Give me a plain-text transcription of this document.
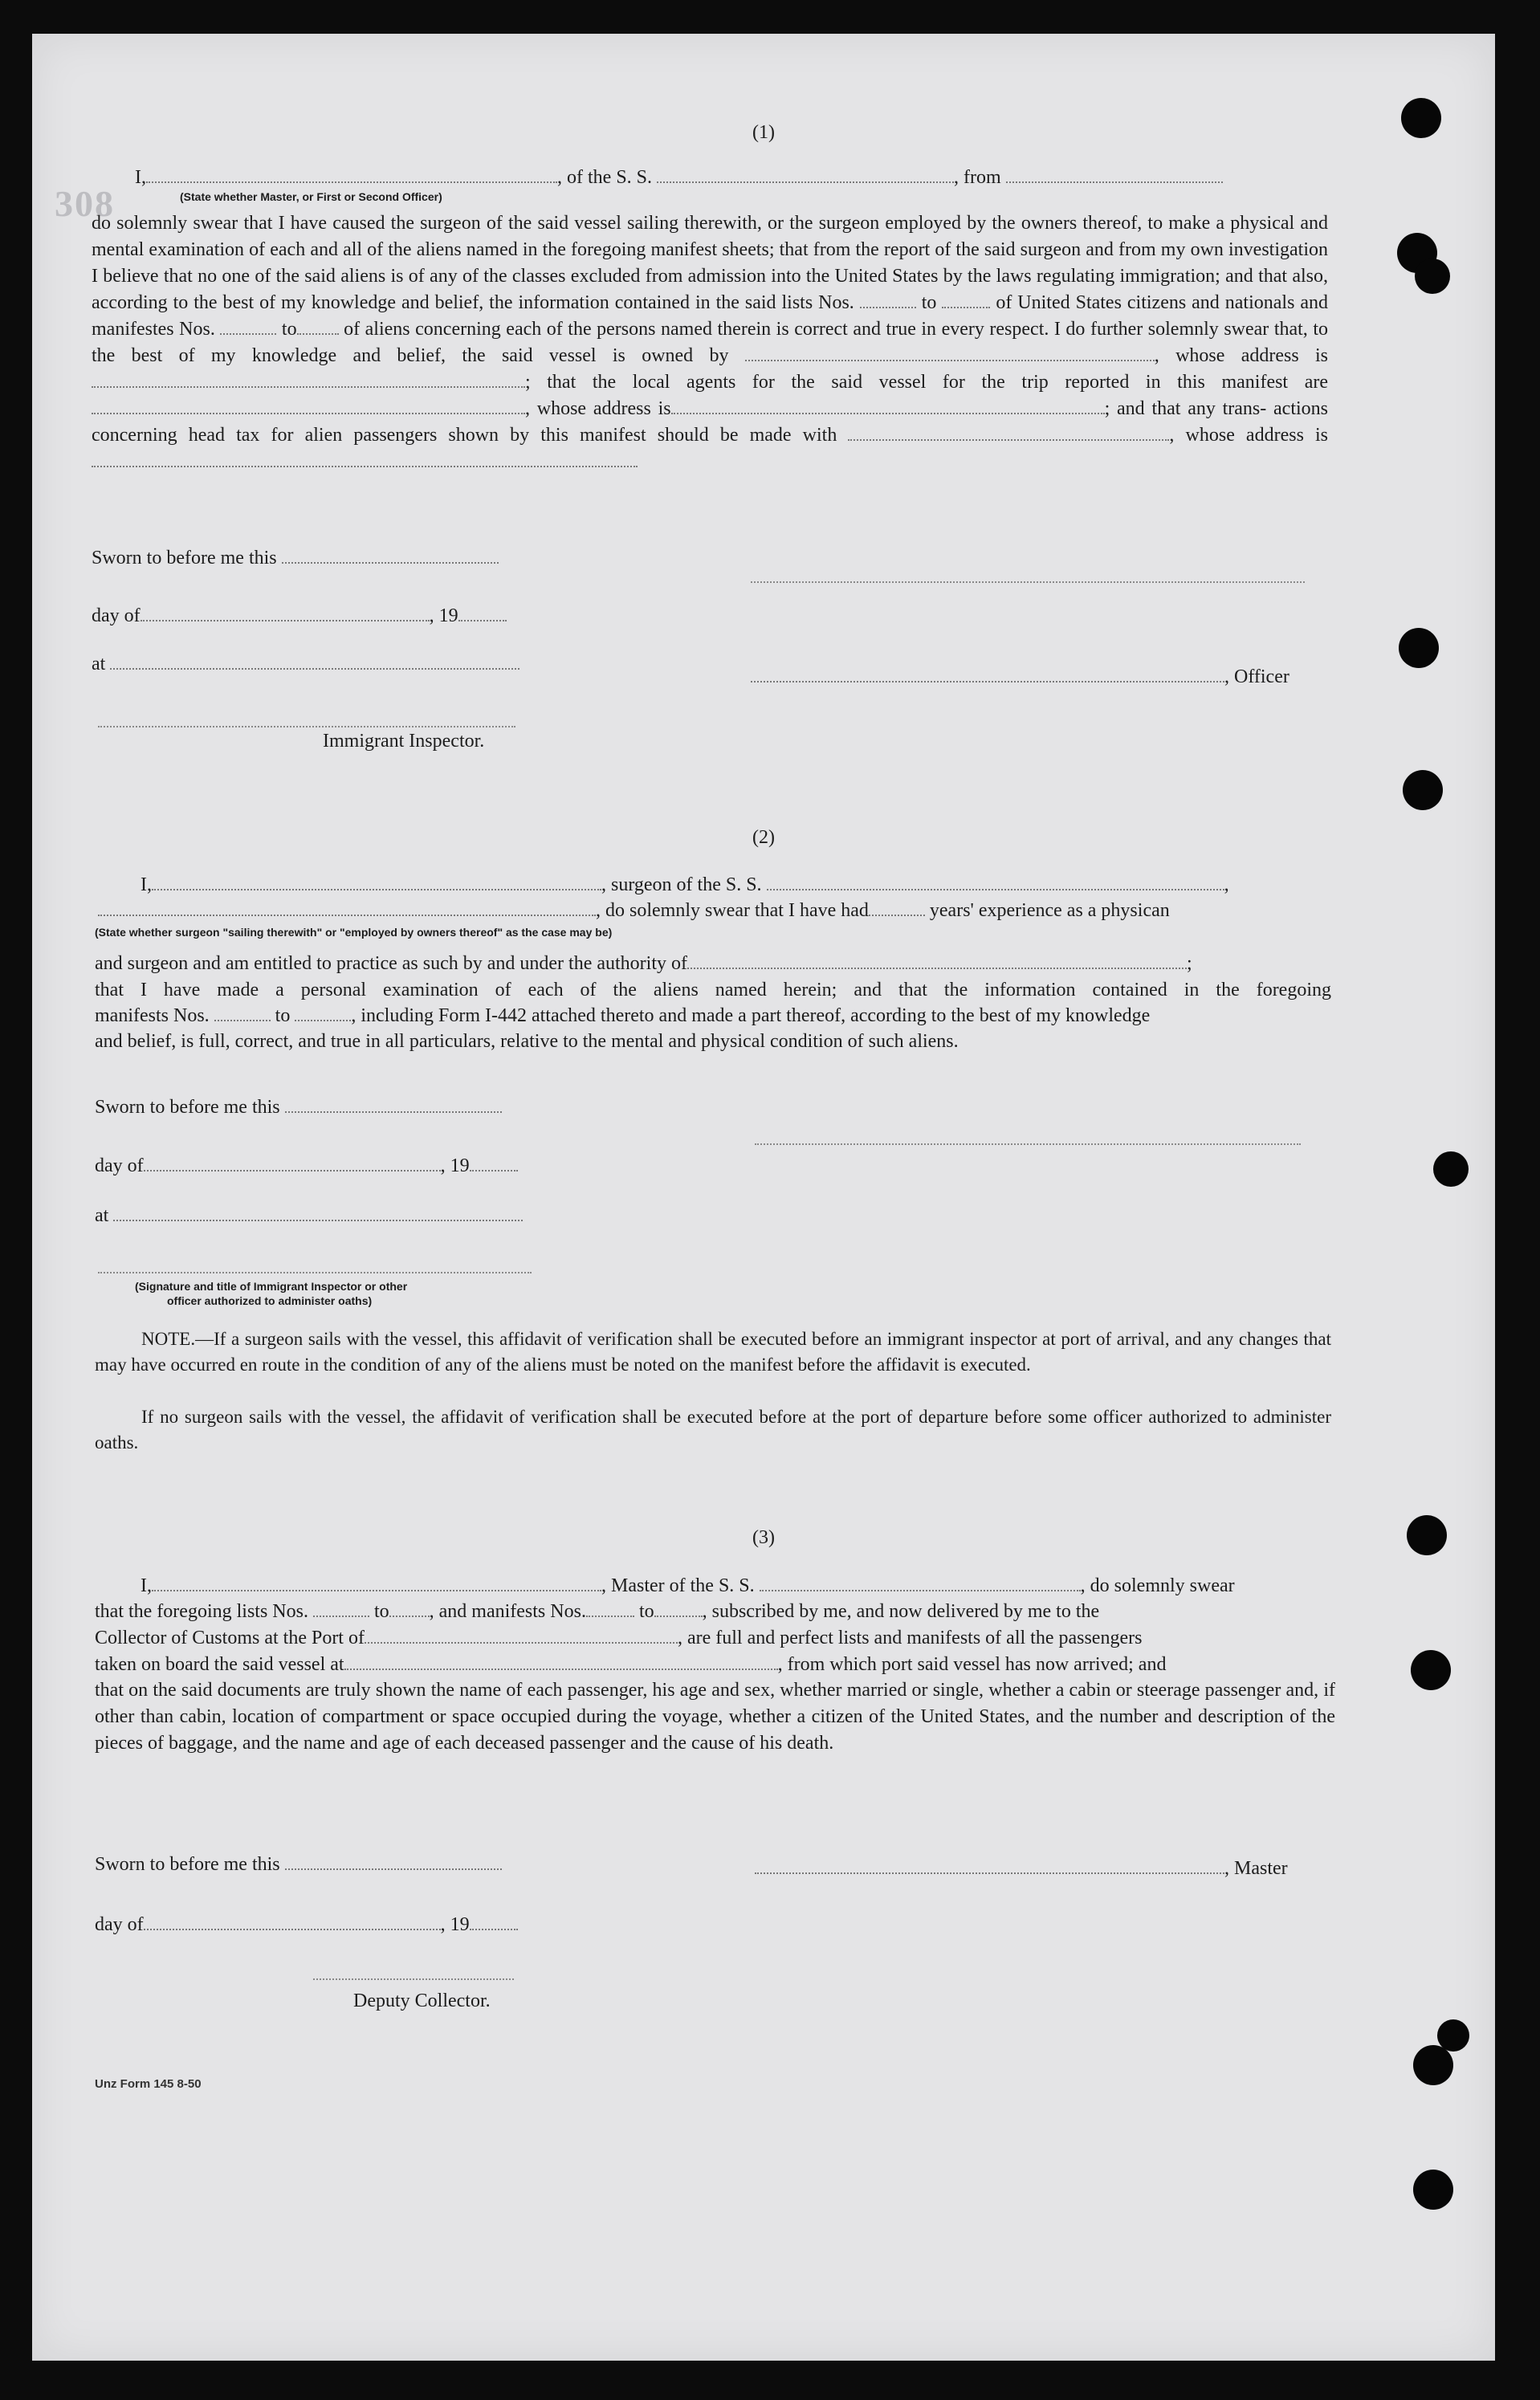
308
(1)
I,	, of the S. S.	, from
(State whether Master, or First or Second Officer)
do solemnly swear that I have caused the surgeon of the said vessel sailing therewith, or the surgeon employed by the owners thereof, to make a physical and mental examination of each and all of the aliens named in the foregoing manifest sheets; that from the report of the said surgeon and from my own investigation I believe that no one of the said aliens is of any of the classes excluded from admission into the United States by the laws regulating immigration; and that also, according to the best of my knowledge and belief, the information contained in the said lists Nos.	to	of United States citizens and nationals and manifestes Nos.	to of aliens concerning each of the persons named therein is correct and true in every respect. I do further solemnly swear that, to the best of my knowledge and belief, the said vessel is owned by	, whose address is ; that the local agents for the said vessel for the trip reported in this manifest are , whose address is	; and that any trans- actions concerning head tax for alien passengers shown by this manifest should be made with	, whose address is
Sworn to before me this
day of	, 19
at
, Officer
Immigrant Inspector.
(2)
I,	, surgeon of the S. S.	,
, do solemnly swear that I have had	years' experience as a physican
(State whether surgeon "sailing therewith" or "employed by owners thereof" as the case may be)
and surgeon and am entitled to practice as such by and under the authority of	;
that I have made a personal examination of each of the aliens named herein; and that the information contained in the foregoing
manifests Nos.	to	, including Form I-442 attached thereto and made a part thereof, according to the best of my knowledge
and belief, is full, correct, and true in all particulars, relative to the mental and physical condition of such aliens.
Sworn to before me this
day of	, 19
at
(Signature and title of Immigrant Inspector or other
officer authorized to administer oaths)
NOTE.—If a surgeon sails with the vessel, this affidavit of verification shall be executed before an immigrant inspector at port of arrival, and any changes that may have occurred en route in the condition of any of the aliens must be noted on the manifest before the affidavit is executed.
If no surgeon sails with the vessel, the affidavit of verification shall be executed before at the port of departure before some officer authorized to administer oaths.
(3)
I,	, Master of the S. S.	, do solemnly swear
that the foregoing lists Nos.	to , and manifests Nos.	to	, subscribed by me, and now delivered by me to the
Collector of Customs at the Port of	, are full and perfect lists and manifests of all the passengers
taken on board the said vessel at	, from which port said vessel has now arrived; and
that on the said documents are truly shown the name of each passenger, his age and sex, whether married or single, whether a cabin or steerage passenger and, if other than cabin, location of compartment or space occupied during the voyage, whether a citizen of the United States, and the number and description of the pieces of baggage, and the name and age of each deceased passenger and the cause of his death.
Sworn to before me this	, Master
day of	, 19
Deputy Collector.
Unz Form 145 8-50
